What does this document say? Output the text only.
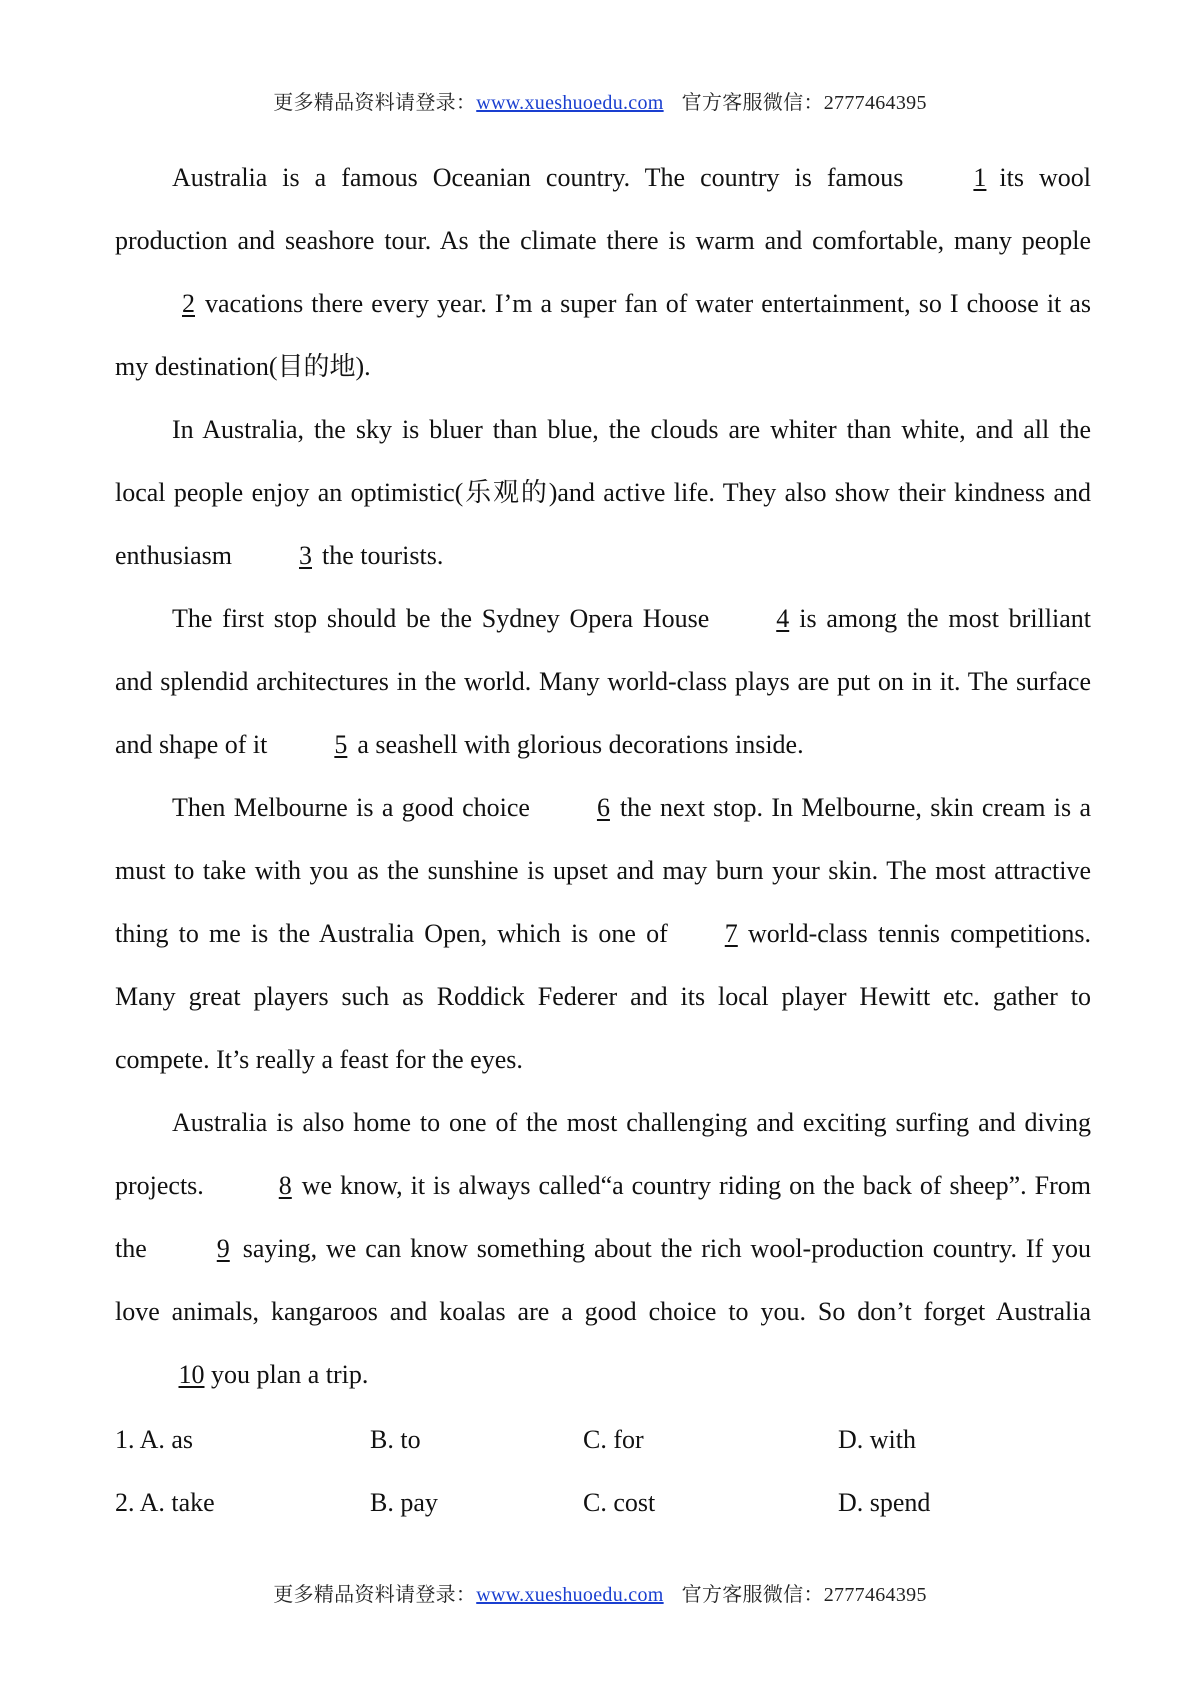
更多精品资料请登录：www.xueshuoedu.com 官方客服微信：2777464395

Australia is a famous Oceanian country. The country is famous	1 its wool production and seashore tour. As the climate there is warm and comfortable, many people2 vacations there every year. I’m a super fan of water entertainment, so I choose it as my destination(目的地).

In Australia, the sky is bluer than blue, the clouds are whiter than white, and all the local people enjoy an optimistic(乐观的)and active life. They also show their kindness and enthusiasm	3 the tourists.

The first stop should be the Sydney Opera House	4 is among the most brilliant and splendid architectures in the world. Many world-class plays are put on in it. The surface and shape of it	5 a seashell with glorious decorations inside.

Then Melbourne is a good choice	6 the next stop. In Melbourne, skin cream is a must to take with you as the sunshine is upset and may burn your skin. The most attractive thing to me is the Australia Open, which is one of 7 world-class tennis competitions. Many great players such as Roddick Federer and its local player Hewitt etc. gather to compete. It’s really a feast for the eyes.

Australia is also home to one of the most challenging and exciting surfing and diving projects.	8 we know, it is always called“a country riding on the back of sheep”. From the	9 saying, we can know something about the rich wool-production country. If you love animals, kangaroos and koalas are a good choice to you. So don’t forget Australia10 you plan a trip.

1. A. as	B. to	C. for	D. with
2. A. take	B. pay	C. cost	D. spend
更多精品资料请登录：www.xueshuoedu.com 官方客服微信：2777464395
